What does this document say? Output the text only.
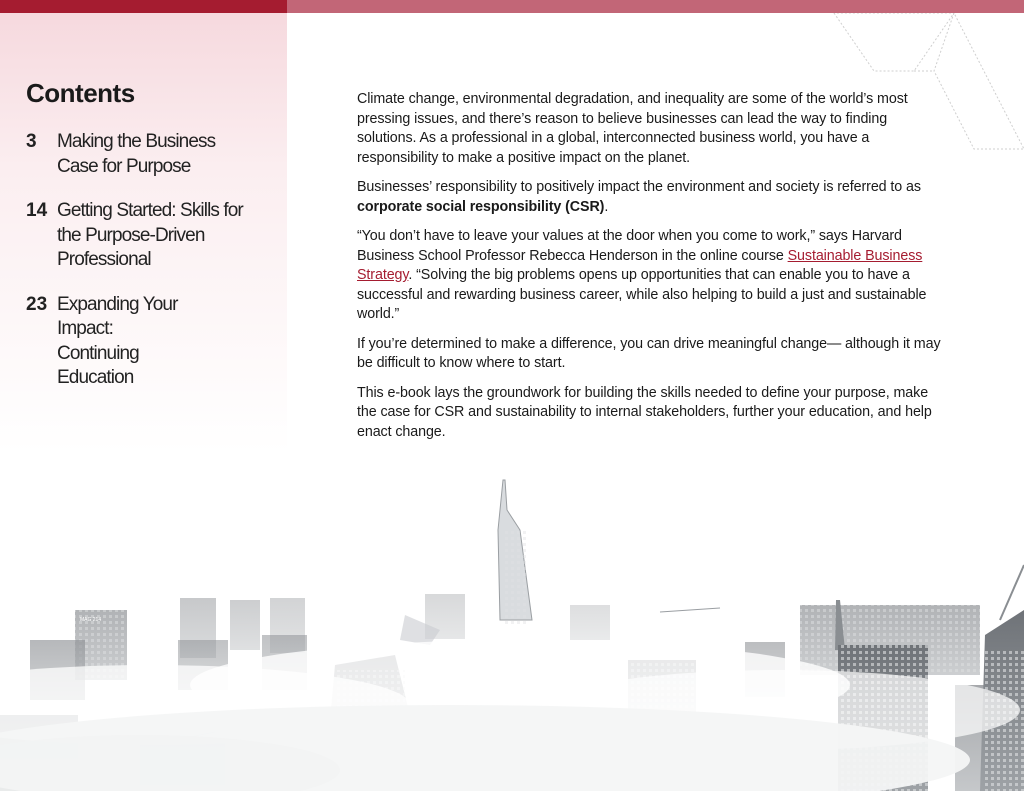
Contents
3	Making the Business Case for Purpose
14 Getting Started: Skills for the Purpose-Driven Professional
23 Expanding Your Impact: Continuing Education

Climate change, environmental degradation, and inequality are some of the world’s most pressing issues, and there’s reason to believe businesses can lead the way to finding solutions. As a professional in a global, interconnected business world, you have a responsibility to make a positive impact on the planet.

Businesses’ responsibility to positively impact the environment and society is referred to as corporate social responsibility (CSR).

“You don’t have to leave your values at the door when you come to work,” says Harvard Business School Professor Rebecca Henderson in the online course Sustainable Business Strategy. “Solving the big problems opens up opportunities that can enable you to have a successful and rewarding business career, while also helping to build a just and sustainable world.”

If you’re determined to make a difference, you can drive meaningful change— although it may be difficult to know where to start.

This e-book lays the groundwork for building the skills needed to define your purpose, make the case for CSR and sustainability to internal stakeholders, further your education, and help enact change.

MAG 214
